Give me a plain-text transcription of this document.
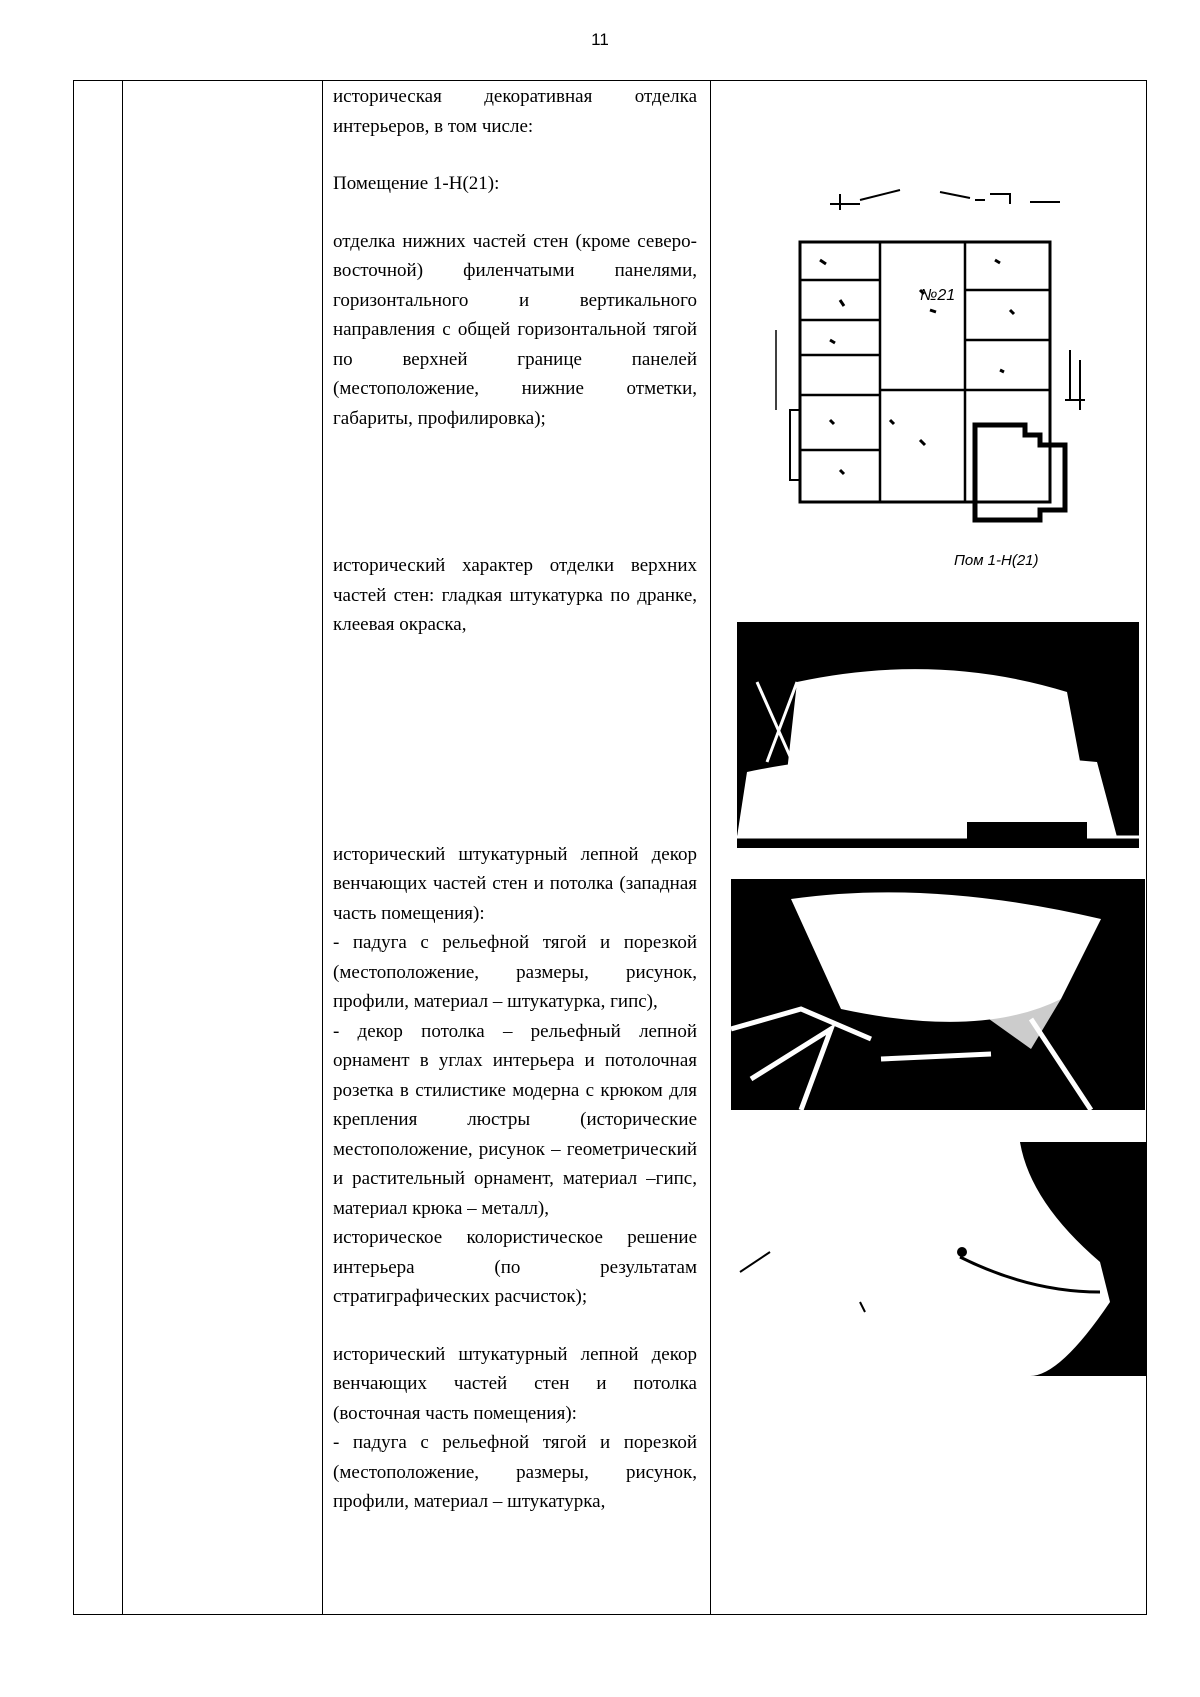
11

историческая декоративная отделка интерьеров, в том числе:

Помещение 1-Н(21):

отделка нижних частей стен (кроме северо-восточной) филенчатыми панелями, горизонтального и вертикального направления с общей горизонтальной тягой по верхней границе панелей (местоположение, нижние отметки, габариты, профилировка);

исторический характер отделки верхних частей стен: гладкая штукатурка по дранке, клеевая окраска,

исторический штукатурный лепной декор венчающих частей стен и потолка (западная часть помещения):

- падуга с рельефной тягой и порезкой (местоположение, размеры, рисунок, профили, материал – штукатурка, гипс),

- декор потолка – рельефный лепной орнамент в углах интерьера и потолочная розетка в стилистике модерна с крюком для крепления люстры (исторические местоположение, рисунок – геометрический и растительный орнамент, материал –гипс, материал крюка – металл),

историческое колористическое решение интерьера (по результатам стратиграфических расчисток);

исторический штукатурный лепной декор венчающих частей стен и потолка (восточная часть помещения):

- падуга с рельефной тягой и порезкой (местоположение, размеры, рисунок, профили, материал – штукатурка,

№21
Пом 1-Н(21)
